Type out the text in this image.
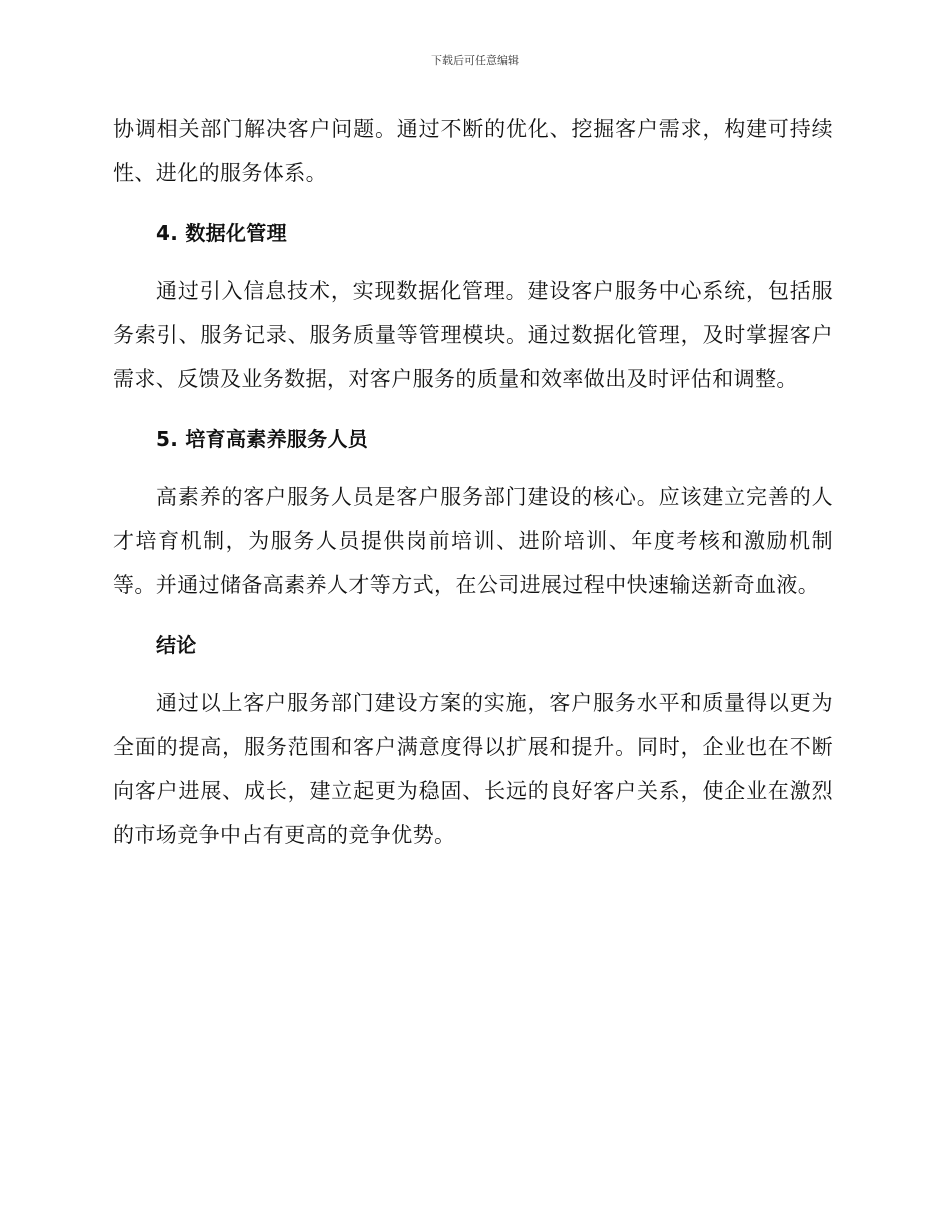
下载后可任意编辑

协调相关部门解决客户问题。通过不断的优化、挖掘客户需求，构建可持续性、进化的服务体系。

4. 数据化管理

通过引入信息技术，实现数据化管理。建设客户服务中心系统，包括服务索引、服务记录、服务质量等管理模块。通过数据化管理，及时掌握客户需求、反馈及业务数据，对客户服务的质量和效率做出及时评估和调整。

5. 培育高素养服务人员

高素养的客户服务人员是客户服务部门建设的核心。应该建立完善的人才培育机制，为服务人员提供岗前培训、进阶培训、年度考核和激励机制等。并通过储备高素养人才等方式，在公司进展过程中快速输送新奇血液。

结论

通过以上客户服务部门建设方案的实施，客户服务水平和质量得以更为全面的提高，服务范围和客户满意度得以扩展和提升。同时，企业也在不断向客户进展、成长，建立起更为稳固、长远的良好客户关系，使企业在激烈的市场竞争中占有更高的竞争优势。
